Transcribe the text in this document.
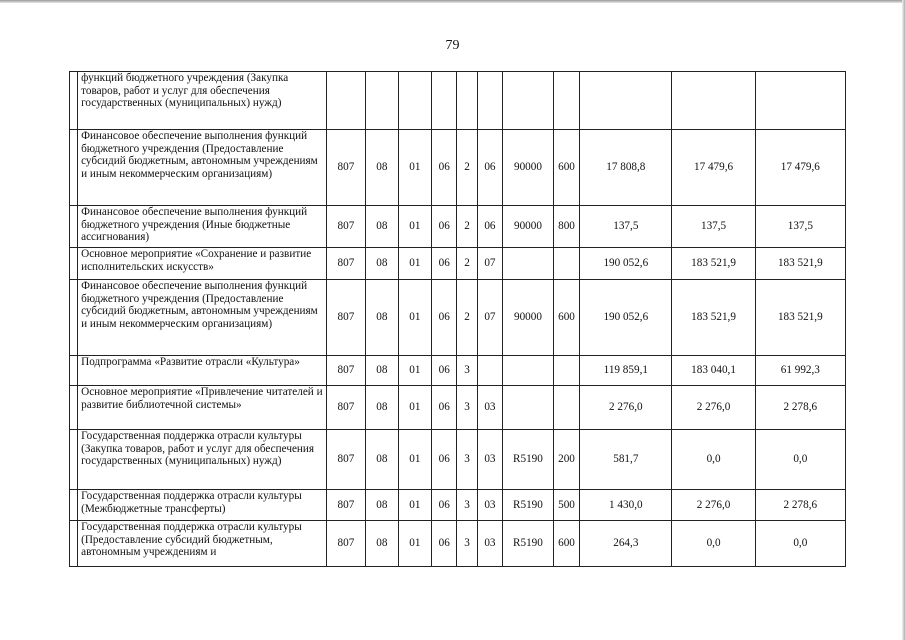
79
	функций бюджетного учреждения (Закупка товаров, работ и услуг для обеспечения государственных (муниципальных) нужд)											
	Финансовое обеспечение выполнения функций бюджетного учреждения (Предоставление субсидий бюджетным, автономным учреждениям и иным некоммерческим организациям)	807	08	01	06	2	06	90000	600	17 808,8	17 479,6	17 479,6
	Финансовое обеспечение выполнения функций бюджетного учреждения (Иные бюджетные ассигнования)	807	08	01	06	2	06	90000	800	137,5	137,5	137,5
	Основное мероприятие «Сохранение и развитие исполнительских искусств»	807	08	01	06	2	07			190 052,6	183 521,9	183 521,9
	Финансовое обеспечение выполнения функций бюджетного учреждения (Предоставление субсидий бюджетным, автономным учреждениям и иным некоммерческим организациям)	807	08	01	06	2	07	90000	600	190 052,6	183 521,9	183 521,9
	Подпрограмма «Развитие отрасли «Культура»	807	08	01	06	3				119 859,1	183 040,1	61 992,3
	Основное мероприятие «Привлечение читателей и развитие библиотечной системы»	807	08	01	06	3	03			2 276,0	2 276,0	2 278,6
	Государственная поддержка отрасли культуры (Закупка товаров, работ и услуг для обеспечения государственных (муниципальных) нужд)	807	08	01	06	3	03	R5190	200	581,7	0,0	0,0
	Государственная поддержка отрасли культуры (Межбюджетные трансферты)	807	08	01	06	3	03	R5190	500	1 430,0	2 276,0	2 278,6
	Государственная поддержка отрасли культуры (Предоставление субсидий бюджетным, автономным учреждениям и	807	08	01	06	3	03	R5190	600	264,3	0,0	0,0
